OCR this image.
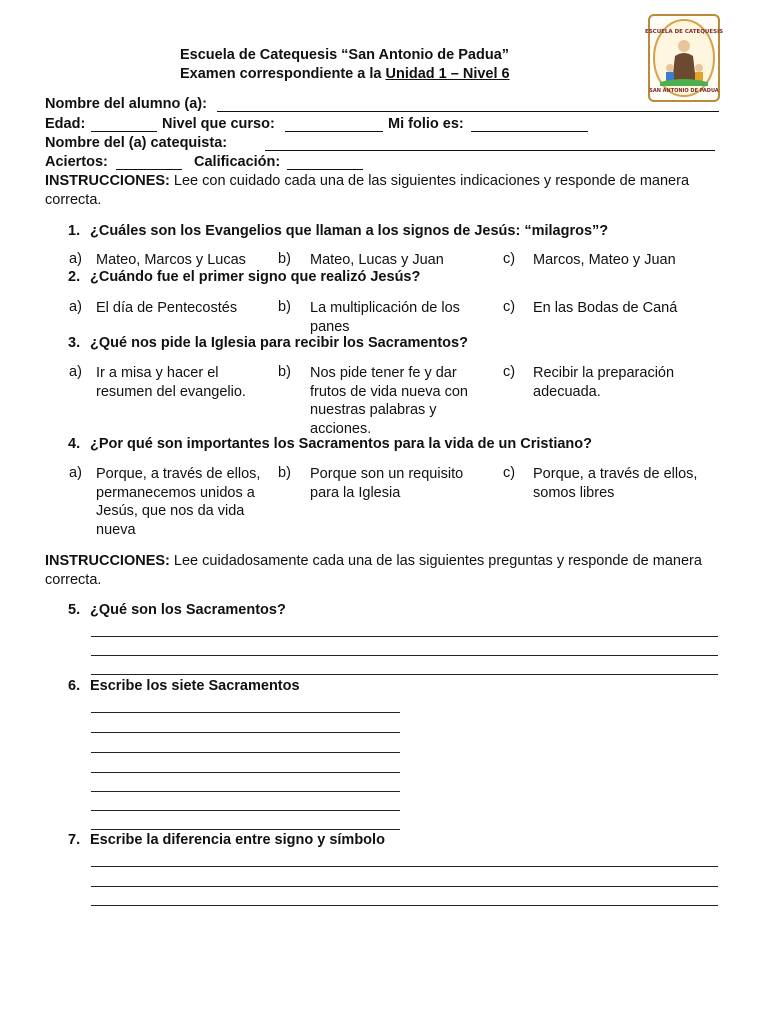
ESCUELA DE CATEQUESIS
SAN ANTONIO DE PADUA
Escuela de Catequesis “San Antonio de Padua”
Examen correspondiente a la Unidad 1 – Nivel 6
Nombre del alumno (a):
Edad:	Nivel que curso:	Mi folio es:
Nombre del (a) catequista:
Aciertos:	Calificación:
INSTRUCCIONES: Lee con cuidado cada una de las siguientes indicaciones y responde de manera
correcta.
1. ¿Cuáles son los Evangelios que llaman a los signos de Jesús: “milagros”?
a) Mateo, Marcos y Lucas	b) Mateo, Lucas y Juan	c) Marcos, Mateo y Juan
2. ¿Cuándo fue el primer signo que realizó Jesús?
a) El día de Pentecostés	b) La multiplicación de los panes
c) En las Bodas de Caná
3. ¿Qué nos pide la Iglesia para recibir los Sacramentos?
a) Ir a misa y hacer el resumen del evangelio.
b) Nos pide tener fe y dar frutos de vida nueva con nuestras palabras y acciones.
c) Recibir la preparación adecuada.
4. ¿Por qué son importantes los Sacramentos para la vida de un Cristiano?
a) Porque, a través de ellos, permanecemos unidos a Jesús, que nos da vida nueva
b) Porque son un requisito para la Iglesia
c) Porque, a través de ellos, somos libres
INSTRUCCIONES: Lee cuidadosamente cada una de las siguientes preguntas y responde de manera
correcta.
5. ¿Qué son los Sacramentos?
6. Escribe los siete Sacramentos
7. Escribe la diferencia entre signo y símbolo
